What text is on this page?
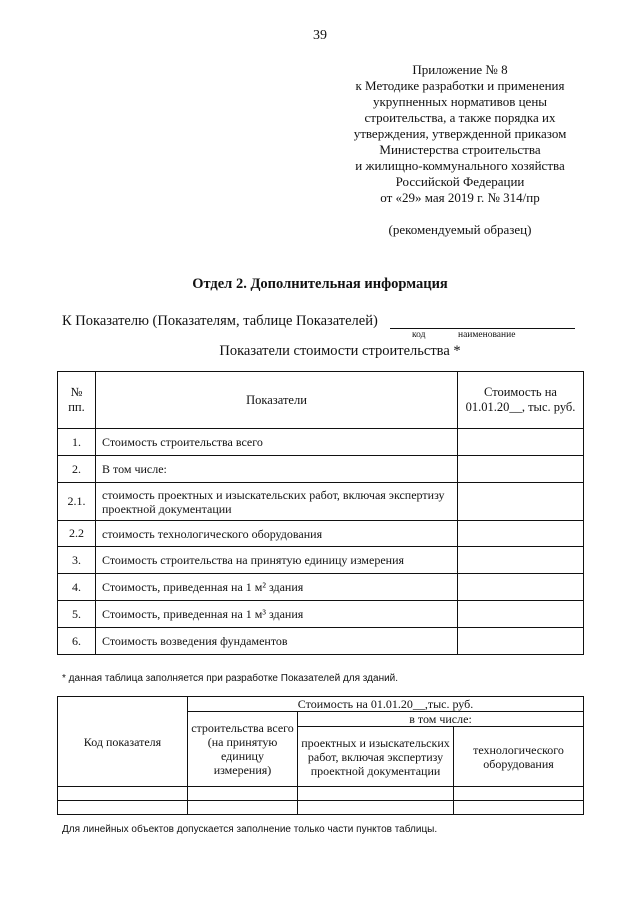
39
Приложение № 8
к Методике разработки и применения
укрупненных нормативов цены
строительства, а также порядка их
утверждения, утвержденной приказом
Министерства строительства
и жилищно-коммунального хозяйства
Российской Федерации
от «29» мая 2019 г. № 314/пр
(рекомендуемый образец)
Отдел 2. Дополнительная информация
К Показателю (Показателям, таблице Показателей)
код	наименование
Показатели стоимости строительства *
№ пп.	Показатели	Стоимость на 01.01.20__, тыс. руб.
1.	Стоимость строительства всего	
2.	В том числе:	
2.1.	стоимость проектных и изыскательских работ, включая экспертизу проектной документации	
2.2	стоимость технологического оборудования	
3.	Стоимость строительства на принятую единицу измерения	
4.	Стоимость, приведенная на 1 м² здания	
5.	Стоимость, приведенная на 1 м³ здания	
6.	Стоимость возведения фундаментов	
* данная таблица заполняется при разработке Показателей для зданий.
Код показателя	Стоимость на 01.01.20__,тыс. руб.		
	строительства всего (на принятую единицу измерения)	в том числе:	
		проектных и изыскательских работ, включая экспертизу проектной документации	технологического оборудования

Для линейных объектов допускается заполнение только части пунктов таблицы.
